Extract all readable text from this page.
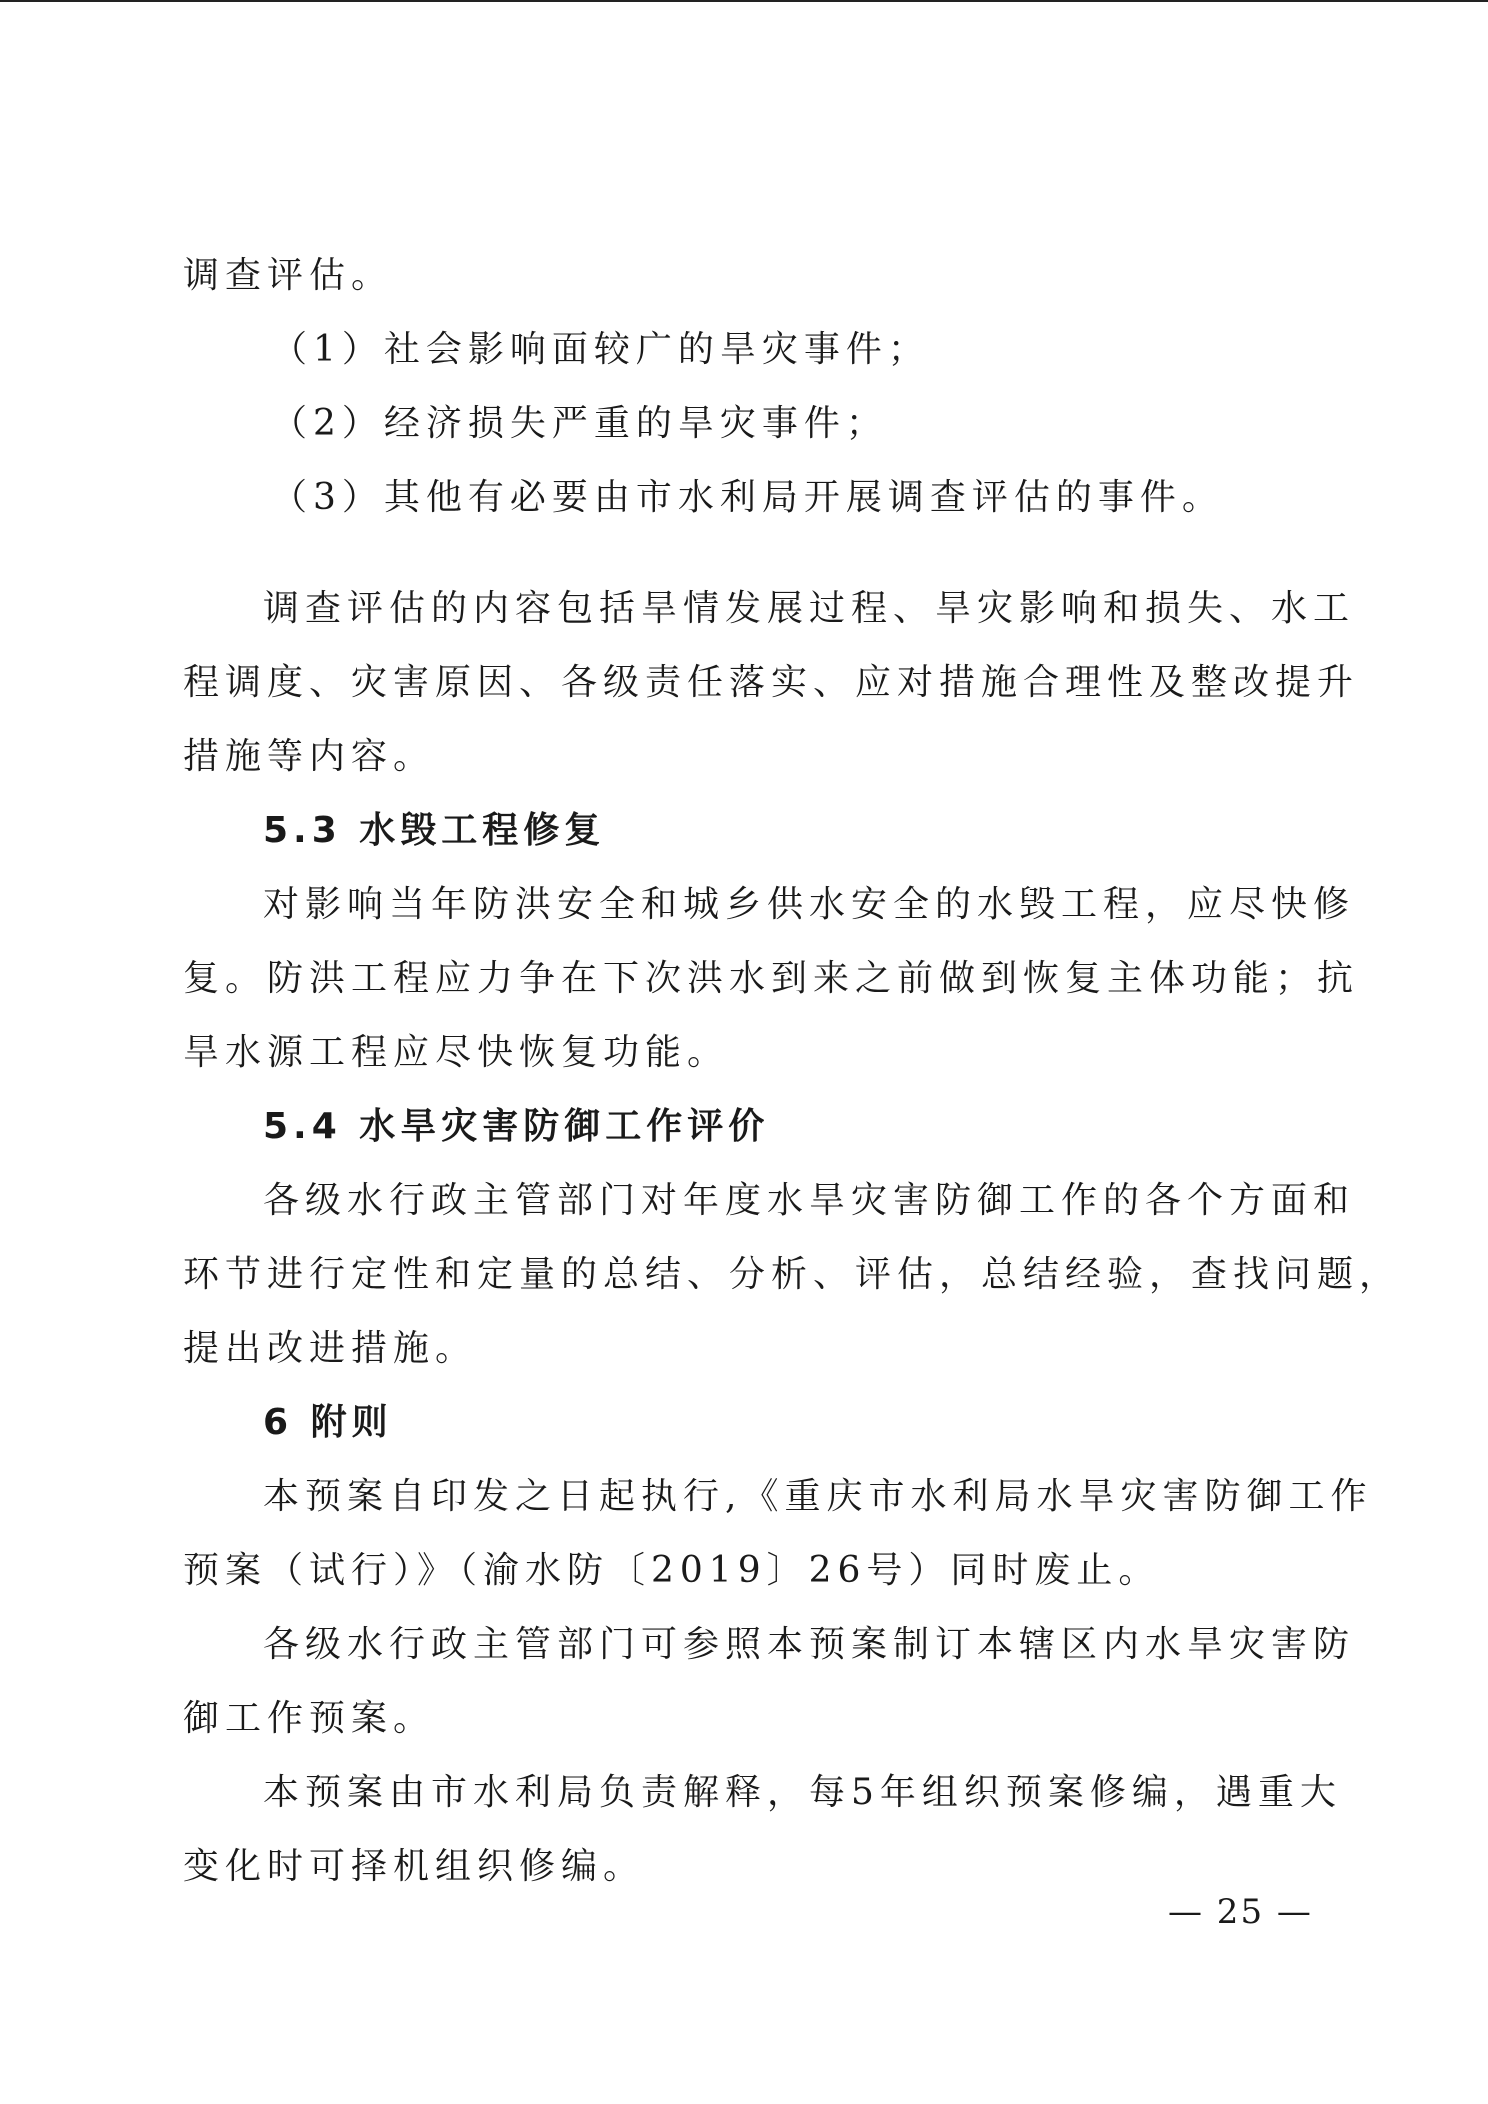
调查评估。
（1）社会影响面较广的旱灾事件；
（2）经济损失严重的旱灾事件；
（3）其他有必要由市水利局开展调查评估的事件。
调查评估的内容包括旱情发展过程、旱灾影响和损失、水工
程调度、灾害原因、各级责任落实、应对措施合理性及整改提升
措施等内容。
5.3 水毁工程修复
对影响当年防洪安全和城乡供水安全的水毁工程，应尽快修
复。防洪工程应力争在下次洪水到来之前做到恢复主体功能；抗
旱水源工程应尽快恢复功能。
5.4 水旱灾害防御工作评价
各级水行政主管部门对年度水旱灾害防御工作的各个方面和
环节进行定性和定量的总结、分析、评估，总结经验，查找问题，
提出改进措施。
6 附则
本预案自印发之日起执行,《重庆市水利局水旱灾害防御工作
预案（试行）》（渝水防〔2019〕26号）同时废止。
各级水行政主管部门可参照本预案制订本辖区内水旱灾害防
御工作预案。
本预案由市水利局负责解释，每5年组织预案修编，遇重大
变化时可择机组织修编。
— 25 —
